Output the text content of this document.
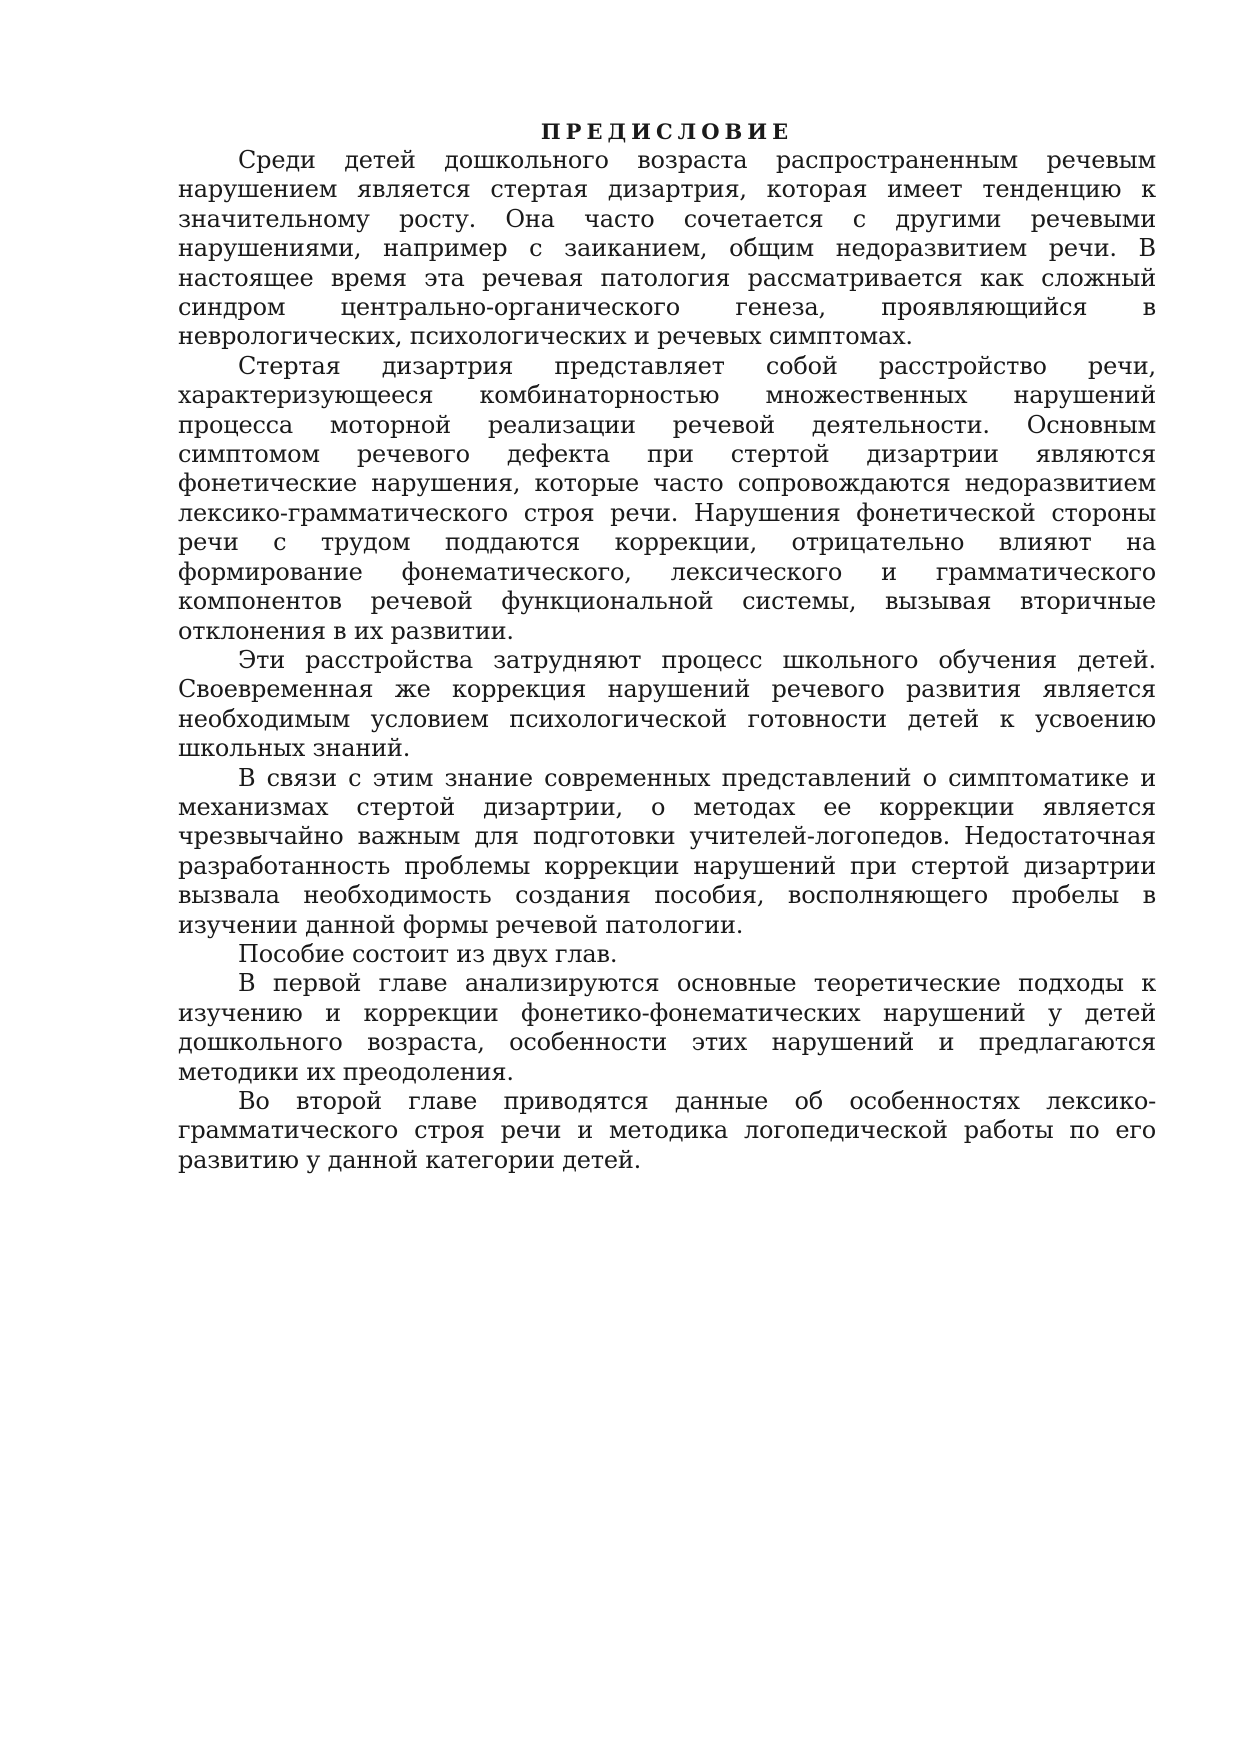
ПРЕДИСЛОВИЕ

Среди детей дошкольного возраста распространенным речевым нарушением является стертая дизартрия, которая имеет тенденцию к значительному росту. Она часто сочетается с другими речевыми нарушениями, например с заиканием, общим недоразвитием речи. В настоящее время эта речевая патология рассматривается как сложный синдром центрально-органического генеза, проявляющийся в неврологических, психологических и речевых симптомах.

Стертая дизартрия представляет собой расстройство речи, характеризующееся комбинаторностью множественных нарушений процесса моторной реализации речевой деятельности. Основным симптомом речевого дефекта при стертой дизартрии являются фонетические нарушения, которые часто сопровождаются недоразвитием лексико-грамматического строя речи. Нарушения фонетической стороны речи с трудом поддаются коррекции, отрицательно влияют на формирование фонематического, лексического и грамматического компонентов речевой функциональной системы, вызывая вторичные отклонения в их развитии.

Эти расстройства затрудняют процесс школьного обучения детей. Своевременная же коррекция нарушений речевого развития является необходимым условием психологической готовности детей к усвоению школьных знаний.

В связи с этим знание современных представлений о симптоматике и механизмах стертой дизартрии, о методах ее коррекции является чрезвычайно важным для подготовки учителей-логопедов. Недостаточная разработанность проблемы коррекции нарушений при стертой дизартрии вызвала необходимость создания пособия, восполняющего пробелы в изучении данной формы речевой патологии.

Пособие состоит из двух глав.

В первой главе анализируются основные теоретические подходы к изучению и коррекции фонетико-фонематических нарушений у детей дошкольного возраста, особенности этих нарушений и предлагаются методики их преодоления.

Во второй главе приводятся данные об особенностях лексико-грамматического строя речи и методика логопедической работы по его развитию у данной категории детей.
